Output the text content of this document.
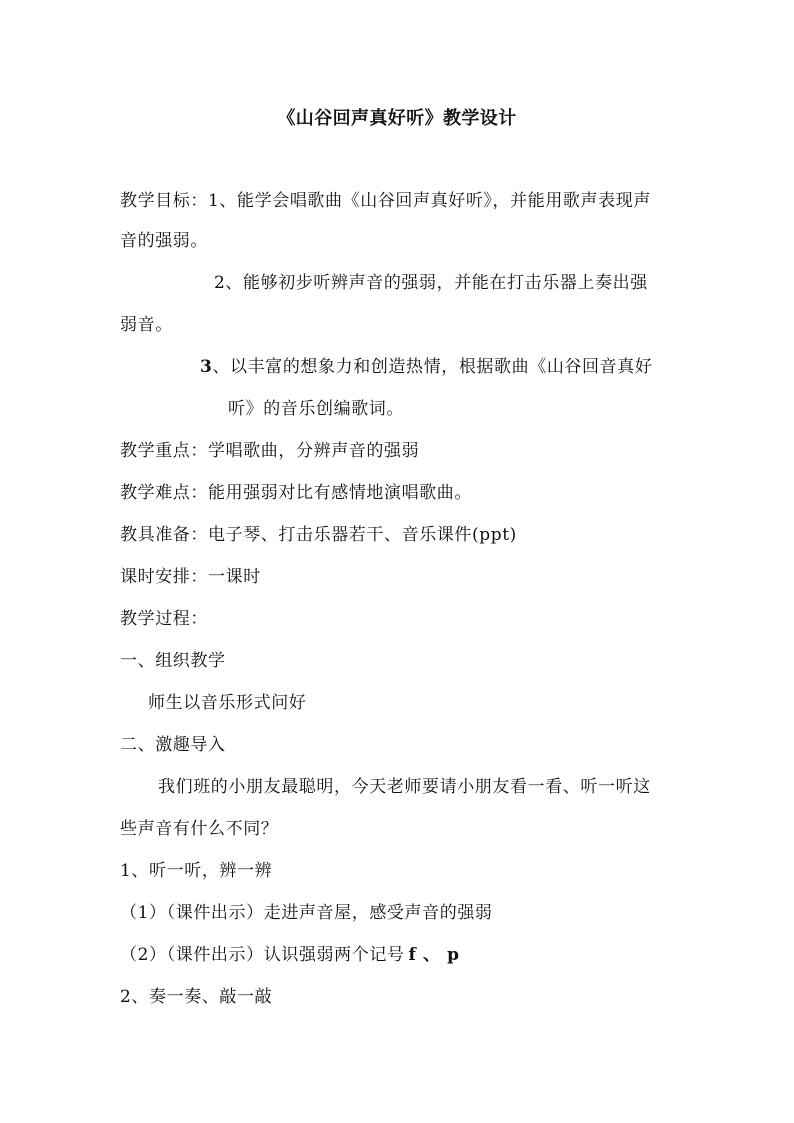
《山谷回声真好听》教学设计
教学目标：1、能学会唱歌曲《山谷回声真好听》，并能用歌声表现声
音的强弱。
2、能够初步听辨声音的强弱，并能在打击乐器上奏出强
弱音。
3、以丰富的想象力和创造热情，根据歌曲《山谷回音真好
听》的音乐创编歌词。
教学重点：学唱歌曲，分辨声音的强弱
教学难点：能用强弱对比有感情地演唱歌曲。
教具准备：电子琴、打击乐器若干、音乐课件(ppt)
课时安排：一课时
教学过程：
一、组织教学
师生以音乐形式问好
二、激趣导入
我们班的小朋友最聪明，今天老师要请小朋友看一看、听一听这
些声音有什么不同？
1、听一听，辨一辨
（1）（课件出示）走进声音屋，感受声音的强弱
（2）（课件出示）认识强弱两个记号 f 、 p
2、奏一奏、敲一敲
